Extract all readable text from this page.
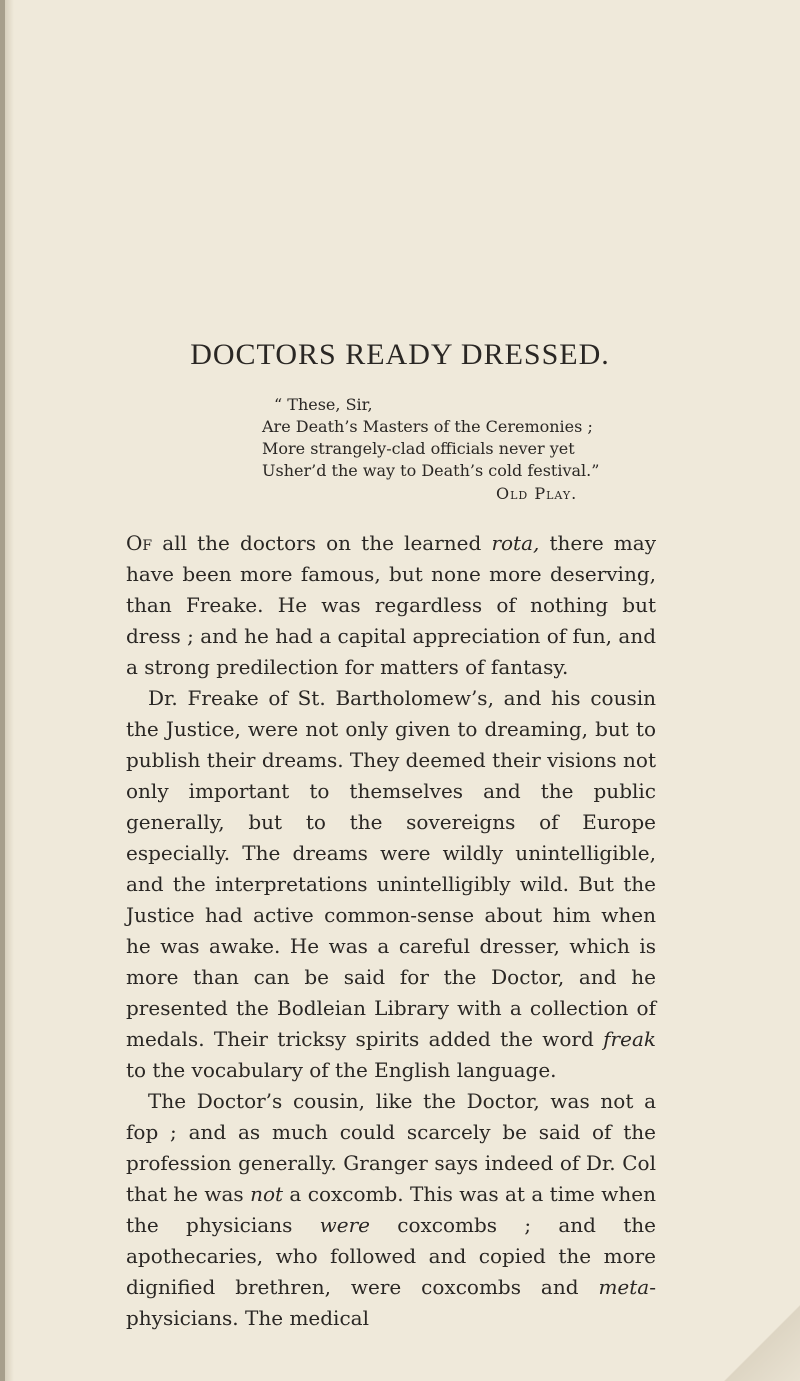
DOCTORS READY DRESSED.
“ These, Sir,
Are Death’s Masters of the Ceremonies ;
More strangely-clad officials never yet
Usher’d the way to Death’s cold festival.”
Old Play.

Of all the doctors on the learned rota, there may have been more famous, but none more deserving, than Freake. He was regardless of nothing but dress ; and he had a capital appreciation of fun, and a strong predilection for matters of fantasy.

Dr. Freake of St. Bartholomew’s, and his cousin the Justice, were not only given to dreaming, but to publish their dreams. They deemed their visions not only important to themselves and the public generally, but to the sovereigns of Europe especially. The dreams were wildly unintelligible, and the interpretations unintelligibly wild. But the Justice had active common-sense about him when he was awake. He was a careful dresser, which is more than can be said for the Doctor, and he presented the Bodleian Library with a collection of medals. Their tricksy spirits added the word freak to the vocabulary of the English language.

The Doctor’s cousin, like the Doctor, was not a fop ; and as much could scarcely be said of the profession generally. Granger says indeed of Dr. Col that he was not a coxcomb. This was at a time when the physicians were coxcombs ; and the apothecaries, who followed and copied the more dignified brethren, were coxcombs and meta-physicians. The medical
